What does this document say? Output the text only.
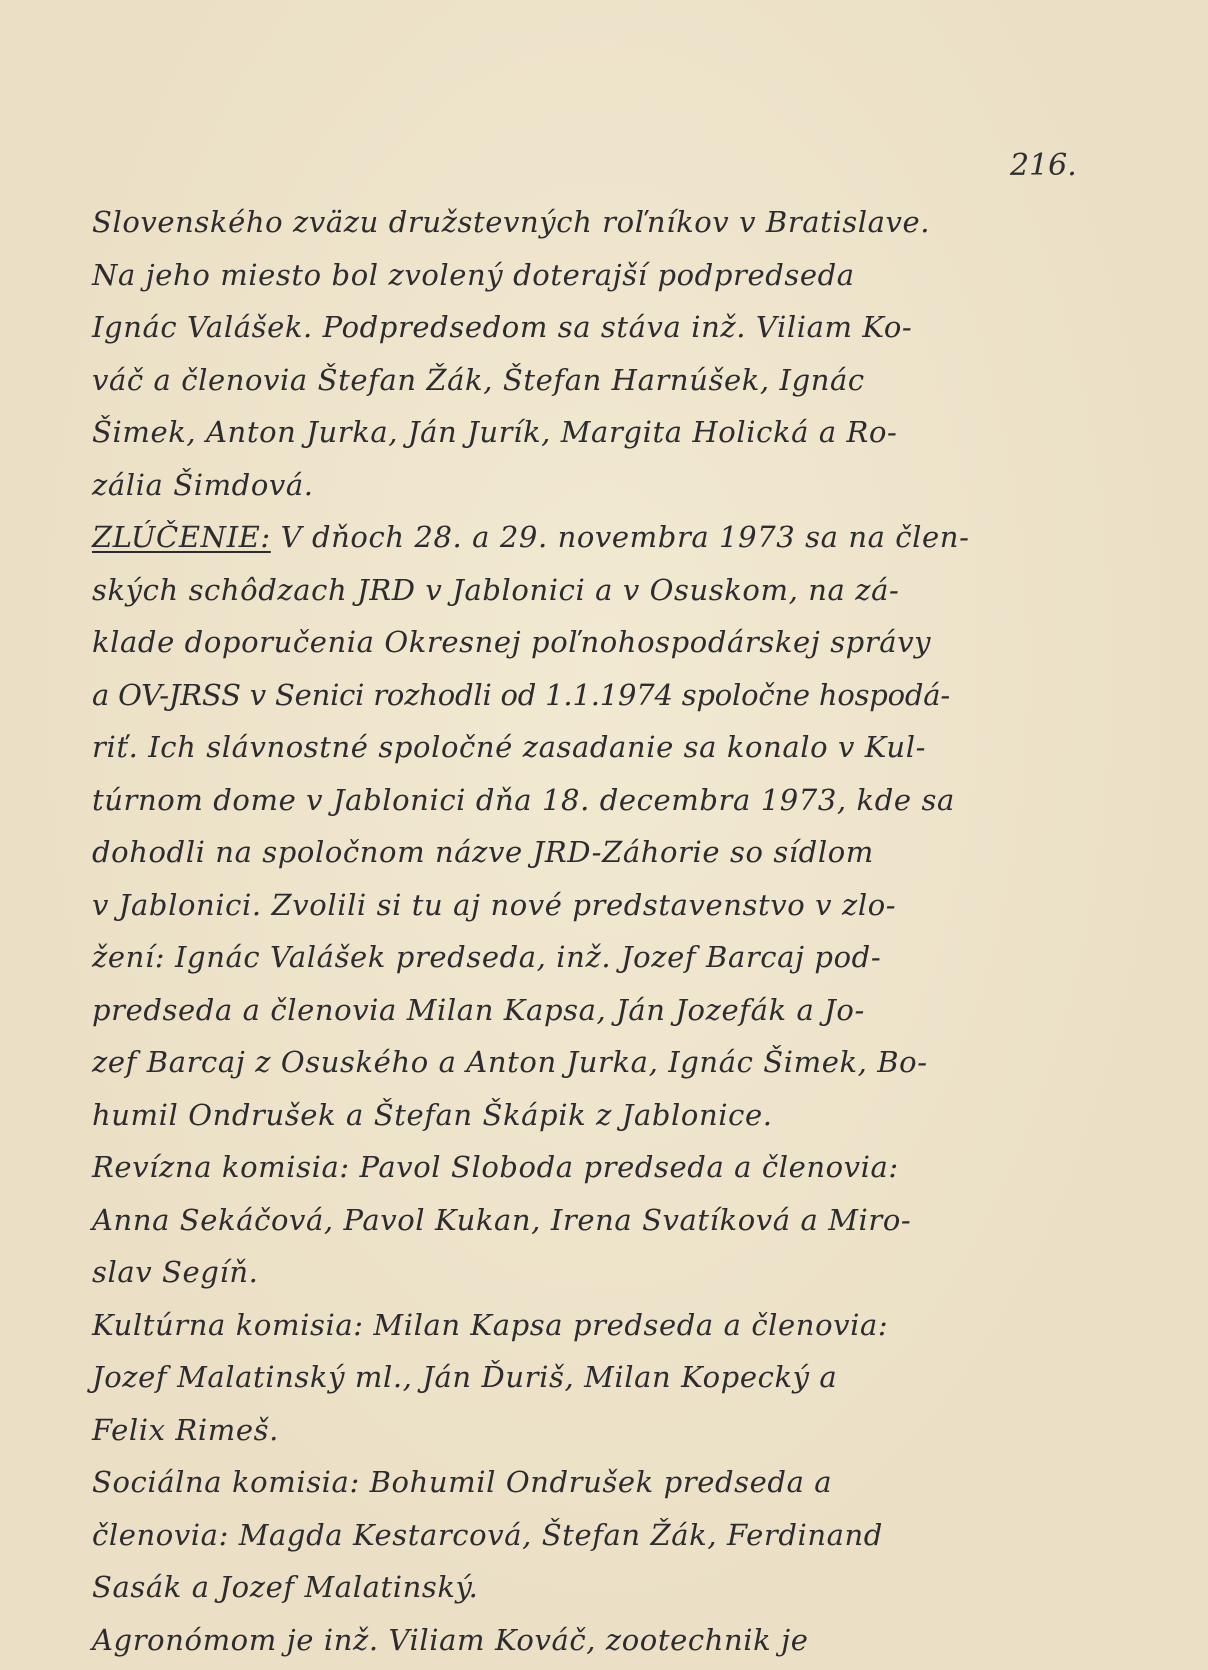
216.
Slovenského zväzu družstevných roľníkov v Bratislave.
Na jeho miesto bol zvolený doterajší podpredseda
Ignác Valášek. Podpredsedom sa stáva inž. Viliam Ko-
váč a členovia Štefan Žák, Štefan Harnúšek, Ignác
Šimek, Anton Jurka, Ján Jurík, Margita Holická a Ro-
zália Šimdová.
ZLÚČENIE: V dňoch 28. a 29. novembra 1973 sa na člen-
ských schôdzach JRD v Jablonici a v Osuskom, na zá-
klade doporučenia Okresnej poľnohospodárskej správy
a OV-JRSS v Senici rozhodli od 1.1.1974 spoločne hospodá-
riť. Ich slávnostné spoločné zasadanie sa konalo v Kul-
túrnom dome v Jablonici dňa 18. decembra 1973, kde sa
dohodli na spoločnom názve JRD-Záhorie so sídlom
v Jablonici. Zvolili si tu aj nové predstavenstvo v zlo-
žení: Ignác Valášek predseda, inž. Jozef Barcaj pod-
predseda a členovia Milan Kapsa, Ján Jozefák a Jo-
zef Barcaj z Osuského a Anton Jurka, Ignác Šimek, Bo-
humil Ondrušek a Štefan Škápik z Jablonice.
Revízna komisia: Pavol Sloboda predseda a členovia:
Anna Sekáčová, Pavol Kukan, Irena Svatíková a Miro-
slav Segíň.
Kultúrna komisia: Milan Kapsa predseda a členovia:
Jozef Malatinský ml., Ján Ďuriš, Milan Kopecký a
Felix Rimeš.
Sociálna komisia: Bohumil Ondrušek predseda a
členovia: Magda Kestarcová, Štefan Žák, Ferdinand
Sasák a Jozef Malatinský.
Agronómom je inž. Viliam Kováč, zootechnik je
